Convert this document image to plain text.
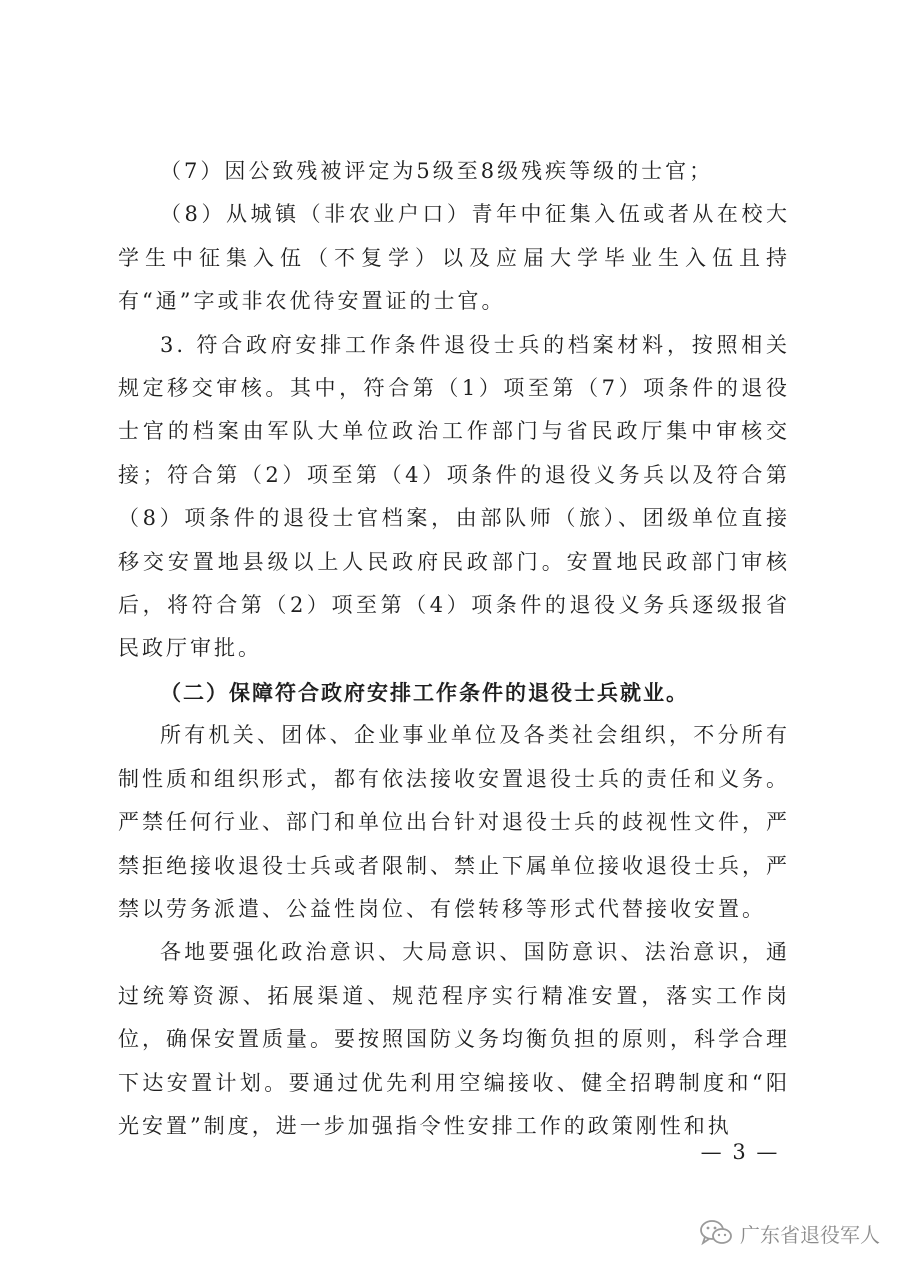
（7）因公致残被评定为5级至8级残疾等级的士官；

（8）从城镇（非农业户口）青年中征集入伍或者从在校大学生中征集入伍（不复学）以及应届大学毕业生入伍且持有“通”字或非农优待安置证的士官。

3. 符合政府安排工作条件退役士兵的档案材料，按照相关规定移交审核。其中，符合第（1）项至第（7）项条件的退役士官的档案由军队大单位政治工作部门与省民政厅集中审核交接；符合第（2）项至第（4）项条件的退役义务兵以及符合第（8）项条件的退役士官档案，由部队师（旅）、团级单位直接移交安置地县级以上人民政府民政部门。安置地民政部门审核后，将符合第（2）项至第（4）项条件的退役义务兵逐级报省民政厅审批。

（二）保障符合政府安排工作条件的退役士兵就业。

所有机关、团体、企业事业单位及各类社会组织，不分所有制性质和组织形式，都有依法接收安置退役士兵的责任和义务。严禁任何行业、部门和单位出台针对退役士兵的歧视性文件，严禁拒绝接收退役士兵或者限制、禁止下属单位接收退役士兵，严禁以劳务派遣、公益性岗位、有偿转移等形式代替接收安置。

各地要强化政治意识、大局意识、国防意识、法治意识，通过统筹资源、拓展渠道、规范程序实行精准安置，落实工作岗位，确保安置质量。要按照国防义务均衡负担的原则，科学合理下达安置计划。要通过优先利用空编接收、健全招聘制度和“阳光安置”制度，进一步加强指令性安排工作的政策刚性和执

— 3 —
广东省退役军人
